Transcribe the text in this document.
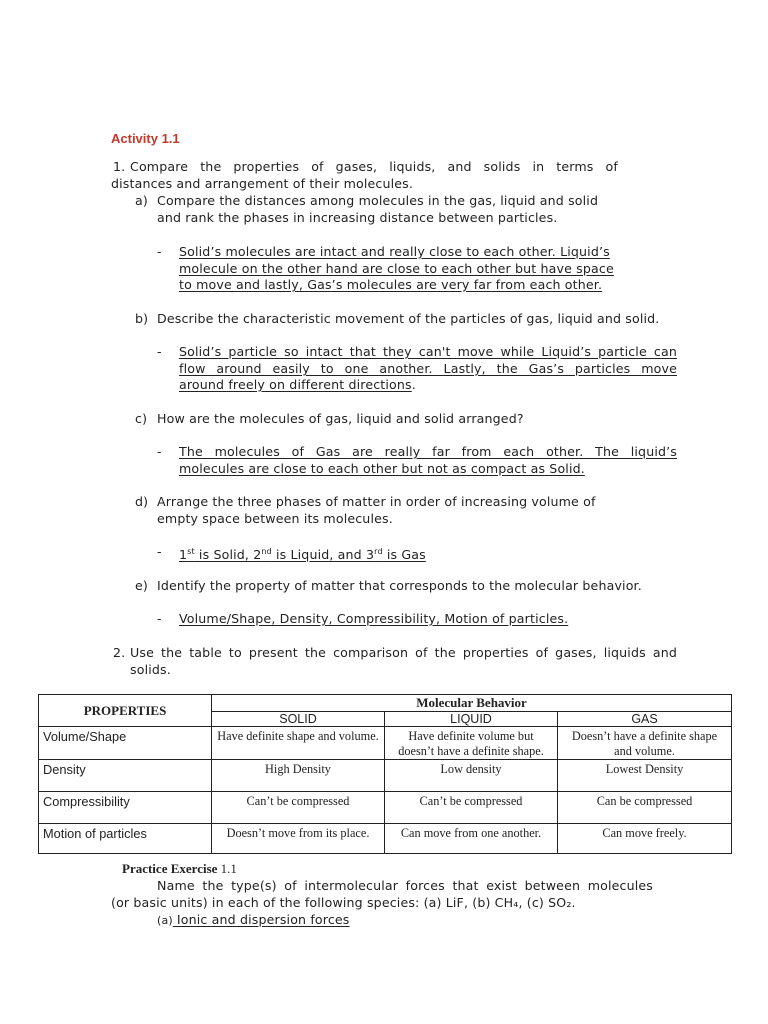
Activity 1.1
1. Compare the properties of gases, liquids, and solids in terms of
distances and arrangement of their molecules.
a) Compare the distances among molecules in the gas, liquid and solid
and rank the phases in increasing distance between particles.
- Solid’s molecules are intact and really close to each other. Liquid’s
molecule on the other hand are close to each other but have space
to move and lastly, Gas’s molecules are very far from each other.
b) Describe the characteristic movement of the particles of gas, liquid and solid.
- Solid’s particle so intact that they can't move while Liquid’s particle can
flow around easily to one another. Lastly, the Gas’s particles move
around freely on different directions.
c) How are the molecules of gas, liquid and solid arranged?
- The molecules of Gas are really far from each other. The liquid’s
molecules are close to each other but not as compact as Solid.
d) Arrange the three phases of matter in order of increasing volume of
empty space between its molecules.
- 1st is Solid, 2nd is Liquid, and 3rd is Gas
e) Identify the property of matter that corresponds to the molecular behavior.
- Volume/Shape, Density, Compressibility, Motion of particles.
2. Use the table to present the comparison of the properties of gases, liquids and
solids.
PROPERTIES	Molecular Behavior		
	SOLID	LIQUID	GAS
Volume/Shape	Have definite shape and volume.	Have definite volume but doesn’t have a definite shape.	Doesn’t have a definite shape and volume.
Density	High Density	Low density	Lowest Density
Compressibility	Can’t be compressed	Can’t be compressed	Can be compressed
Motion of particles	Doesn’t move from its place.	Can move from one another.	Can move freely.
Practice Exercise 1.1
Name the type(s) of intermolecular forces that exist between molecules
(or basic units) in each of the following species: (a) LiF, (b) CH₄, (c) SO₂.
(a) Ionic and dispersion forces
